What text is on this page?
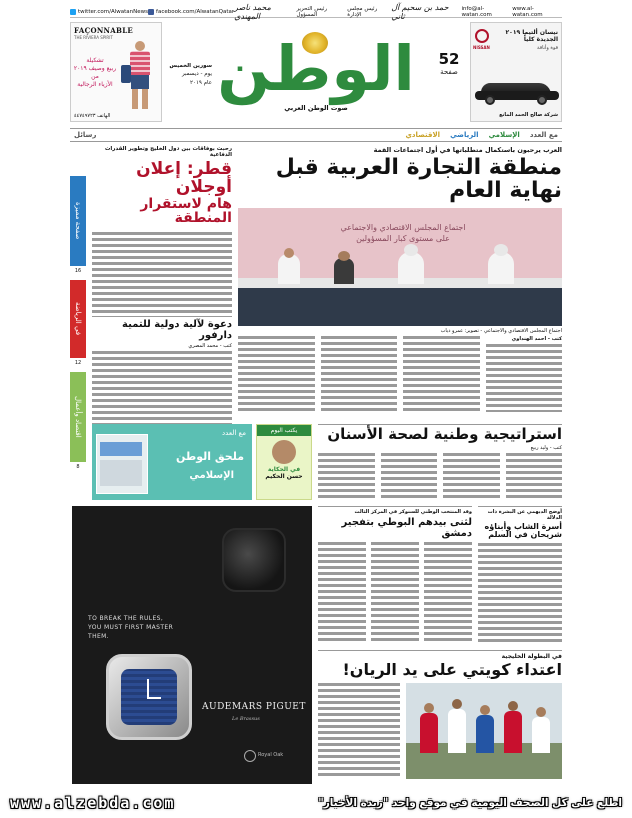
twitter.com/AlwatanNews facebook.com/AlwatanQatar محمد ناصر المهندي
رئيس التحرير المسؤول
رئيس مجلس الإدارة
حمد بن سحيم آل ثاني
info@al-watan.com
www.al-watan.com
FAÇONNABLE
THE RIVIERA SPIRIT
تشكيلة
ربيع وصيف ٢٠١٩
من
الأزياء الرجالية
الهاتف ٤٤٧٤٩٧٢٣
52
صفحة
الوطن
صوت الوطن العربي
سورين الخميس
يوم - ديسمبر
عام ٢٠١٩
NISSAN
نيسان ألتيما ٢٠١٩ الجديدة كلياً
قوة وأناقة
شركة صالح الحمد المانع
مع العدد
الإسلامي
الرياضي
الاقتصادي
رسائل
صفحة مميزة
16
في الرياضة
12
اقتصاد وأعمال
8
رحبت بوفاقات بين دول الخليج وتطوير القدرات الدفاعية
قطر: إعلان أوجلان
هام لاستقرار المنطقة
دعوة لآلية دولية للتمية دارفور
كتب - محمد المصري
العرب يرحبون باستكمال متطلباتها في أول اجتماعات القمة
منطقة التجارة العربية قبل نهاية العام
اجتماع المجلس الاقتصادي والاجتماعي
على مستوى كبار المسؤولين
اجتماع المجلس الاقتصادي والاجتماعي - تصوير: عمرو دياب
كتب - أحمد الهنداوي
مع العدد
ملحق الوطن
الإسلامي
يكتب اليوم
في الحكاية
حسن الحكيم
استراتيجية وطنية لصحة الأسنان
كتب - وليد ربيع
TO BREAK THE RULES,
YOU MUST FIRST MASTER
THEM.
AUDEMARS PIGUET
Le Brassus
Royal Oak
أوضح الديهمي عن البشرة ذات الدلالة
أسرة الشاب وأبناؤه
شريحان في السلم
وقد المنتخب الوطني للسنوكر في المركز الثالث
لثنى بيدهم البوطي بتفجير دمشق
في البطولة الخليجية
اعتداء كويتي على يد الريان!
www.alzebda.com	اطلع على كل الصحف اليومية في موقع واحد "زبدة الأخبار"
